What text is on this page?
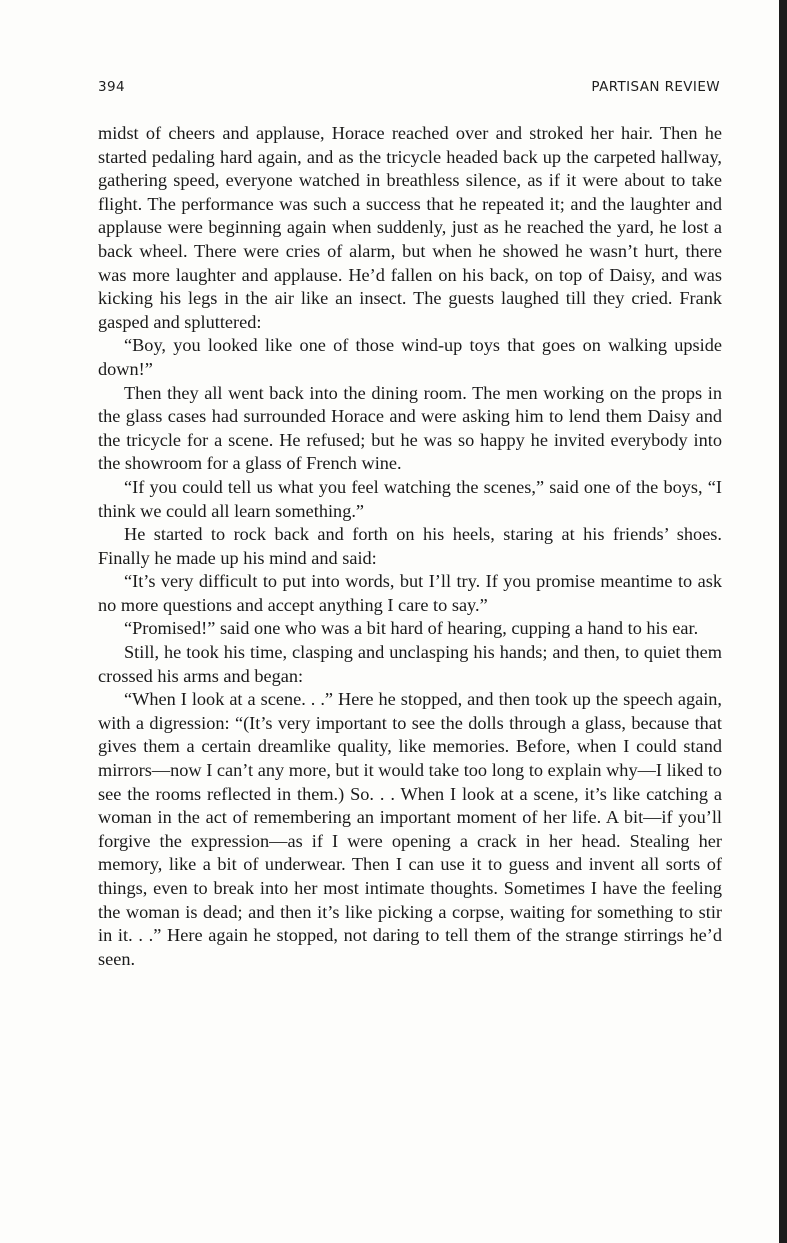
394	PARTISAN REVIEW

midst of cheers and applause, Horace reached over and stroked her hair. Then he started pedaling hard again, and as the tricycle headed back up the carpeted hallway, gathering speed, everyone watched in breathless silence, as if it were about to take flight. The performance was such a success that he repeated it; and the laughter and applause were beginning again when suddenly, just as he reached the yard, he lost a back wheel. There were cries of alarm, but when he showed he wasn’t hurt, there was more laughter and applause. He’d fallen on his back, on top of Daisy, and was kicking his legs in the air like an insect. The guests laughed till they cried. Frank gasped and spluttered:

“Boy, you looked like one of those wind-up toys that goes on walking upside down!”

Then they all went back into the dining room. The men working on the props in the glass cases had surrounded Horace and were asking him to lend them Daisy and the tricycle for a scene. He refused; but he was so happy he invited everybody into the showroom for a glass of French wine.

“If you could tell us what you feel watching the scenes,” said one of the boys, “I think we could all learn something.”

He started to rock back and forth on his heels, staring at his friends’ shoes. Finally he made up his mind and said:

“It’s very difficult to put into words, but I’ll try. If you promise meantime to ask no more questions and accept anything I care to say.”

“Promised!” said one who was a bit hard of hearing, cupping a hand to his ear.

Still, he took his time, clasping and unclasping his hands; and then, to quiet them crossed his arms and began:

“When I look at a scene. . .” Here he stopped, and then took up the speech again, with a digression: “(It’s very important to see the dolls through a glass, because that gives them a certain dreamlike quality, like memories. Before, when I could stand mirrors—now I can’t any more, but it would take too long to explain why—I liked to see the rooms reflected in them.) So. . . When I look at a scene, it’s like catching a woman in the act of remembering an important moment of her life. A bit—if you’ll forgive the expression—as if I were opening a crack in her head. Stealing her memory, like a bit of underwear. Then I can use it to guess and invent all sorts of things, even to break into her most intimate thoughts. Sometimes I have the feeling the woman is dead; and then it’s like picking a corpse, waiting for something to stir in it. . .” Here again he stopped, not daring to tell them of the strange stirrings he’d seen.
